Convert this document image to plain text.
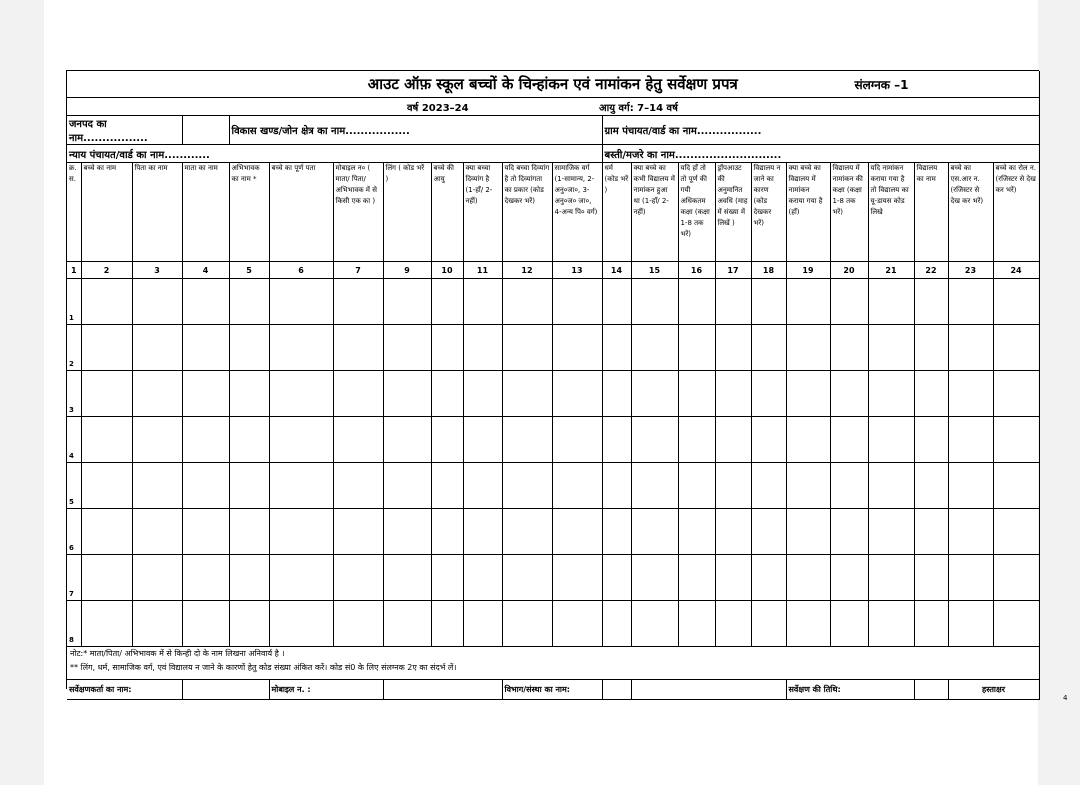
आउट ऑफ़ स्कूल बच्चों के चिन्हांकन एवं नामांकन हेतु सर्वेक्षण प्रपत्र संलग्नक –1																						

वर्ष 2023–24 आयु वर्ग: 7–14 वर्ष																						

जनपद का नाम.................				विकास खण्ड/जोन क्षेत्र का नाम.................								ग्राम पंचायत/वार्ड का नाम.................										
न्याय पंचायत/वार्ड का नाम............												बस्ती/मजरे का नाम............................										
क्र. स.	बच्चे का नाम	पिता का नाम	माता का नाम	अभिभावक का नाम *	बच्चे का पूर्ण पता	मोबाइल न० ( माता/ पिता/ अभिभावक में से किसी एक का )	लिंग ( कोड भरें )	बच्चे की आयु	क्या बच्चा दिव्यांग है (1-हाँ/ 2-नहीं)	यदि बच्चा दिव्यांग है तो दिव्यांगता का प्रकार (कोड देखकर भरें)	सामाजिक वर्ग (1-सामान्य, 2-अनु०जा०, 3-अनु०ज० जा०, 4-अन्य पि० वर्ग)	धर्म (कोड भरें )	क्या बच्चे का कभी विद्यालय में नामांकन हुआ था (1-हाँ/ 2-नहीं)	यदि हाँ तो तो पूर्ण की गयी अधिकतम कक्षा (कक्षा 1-8 तक भरें)	ड्रॉपआउट की अनुमानित अवधि (माह में संख्या में लिखें )	विद्यालय न जाने का कारण (कोड देखकर भरें)	क्या बच्चे का विद्यालय में नामांकन कराया गया है (हाँ)	विद्यालय में नामांकन की कक्षा (कक्षा 1-8 तक भरें)	यदि नामांकन कराया गया है तो विद्यालय का यू-डायस कोड लिखे	विद्यालय का नाम	बच्चे का एस.आर न. (रजिस्टर से देख कर भरें)	बच्चे का रोल न. (रजिस्टर से देख कर भरें)
1	2	3	4	5	6	7	9	10	11	12	13	14	15	16	17	18	19	20	21	22	23	24
1																						
2																						
3																						
4																						
5																						
6																						
7																						
8																						

नोट:* माता/पिता/ अभिभावक में से किन्ही दो के नाम लिखना अनिवार्य है ।
** लिंग, धर्म, सामाजिक वर्ग, एवं विद्यालय न जाने के कारणों हेतु कोड संख्या अंकित करें। कोड सं0 के लिए संलग्नक 2ए का संदर्भ लें।																						

सर्वेक्षणकर्ता का नाम:					मोबाइल न. :					विभाग/संस्था का नाम:							सर्वेक्षण की तिथि:				हस्ताक्षर	
4
